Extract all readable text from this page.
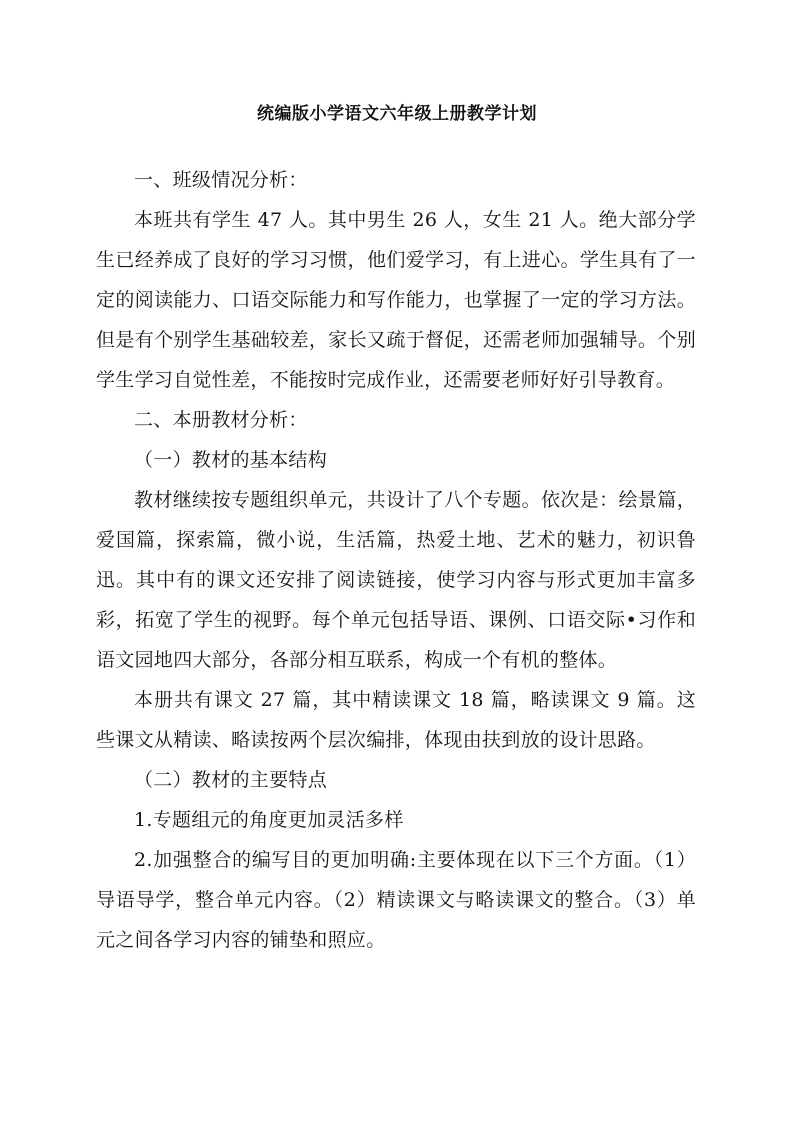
统编版小学语文六年级上册教学计划

一、班级情况分析：

本班共有学生 47 人。其中男生 26 人，女生 21 人。绝大部分学生已经养成了良好的学习习惯，他们爱学习，有上进心。学生具有了一定的阅读能力、口语交际能力和写作能力，也掌握了一定的学习方法。但是有个别学生基础较差，家长又疏于督促，还需老师加强辅导。个别学生学习自觉性差，不能按时完成作业，还需要老师好好引导教育。

二、本册教材分析：

（一）教材的基本结构

教材继续按专题组织单元，共设计了八个专题。依次是：绘景篇，爱国篇，探索篇，微小说，生活篇，热爱土地、艺术的魅力，初识鲁迅。其中有的课文还安排了阅读链接，使学习内容与形式更加丰富多彩，拓宽了学生的视野。每个单元包括导语、课例、口语交际•习作和语文园地四大部分，各部分相互联系，构成一个有机的整体。

本册共有课文 27 篇，其中精读课文 18 篇，略读课文 9 篇。这些课文从精读、略读按两个层次编排，体现由扶到放的设计思路。

（二）教材的主要特点

1.专题组元的角度更加灵活多样

2.加强整合的编写目的更加明确:主要体现在以下三个方面。（1）导语导学，整合单元内容。（2）精读课文与略读课文的整合。（3）单元之间各学习内容的铺垫和照应。
